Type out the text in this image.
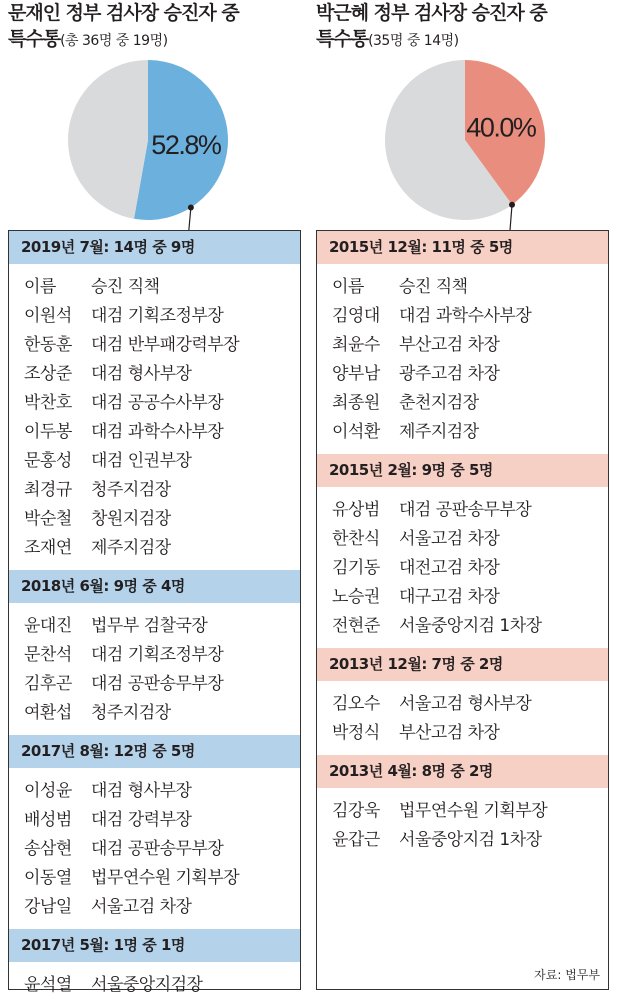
문재인 정부 검사장 승진자 중
특수통(총 36명 중 19명)
52.8%
2019년 7월: 14명 중 9명
이름	승진 직책
이원석	대검 기획조정부장
한동훈	대검 반부패강력부장
조상준	대검 형사부장
박찬호	대검 공공수사부장
이두봉	대검 과학수사부장
문홍성	대검 인권부장
최경규	청주지검장
박순철	창원지검장
조재연	제주지검장
2018년 6월: 9명 중 4명
윤대진	법무부 검찰국장
문찬석	대검 기획조정부장
김후곤	대검 공판송무부장
여환섭	청주지검장
2017년 8월: 12명 중 5명
이성윤	대검 형사부장
배성범	대검 강력부장
송삼현	대검 공판송무부장
이동열	법무연수원 기획부장
강남일	서울고검 차장
2017년 5월: 1명 중 1명
윤석열	서울중앙지검장
박근혜 정부 검사장 승진자 중
특수통(35명 중 14명)
40.0%
2015년 12월: 11명 중 5명
이름	승진 직책
김영대	대검 과학수사부장
최윤수	부산고검 차장
양부남	광주고검 차장
최종원	춘천지검장
이석환	제주지검장
2015년 2월: 9명 중 5명
유상범	대검 공판송무부장
한찬식	서울고검 차장
김기동	대전고검 차장
노승권	대구고검 차장
전현준	서울중앙지검 1차장
2013년 12월: 7명 중 2명
김오수	서울고검 형사부장
박정식	부산고검 차장
2013년 4월: 8명 중 2명
김강욱	법무연수원 기획부장
윤갑근	서울중앙지검 1차장
자료: 법무부
